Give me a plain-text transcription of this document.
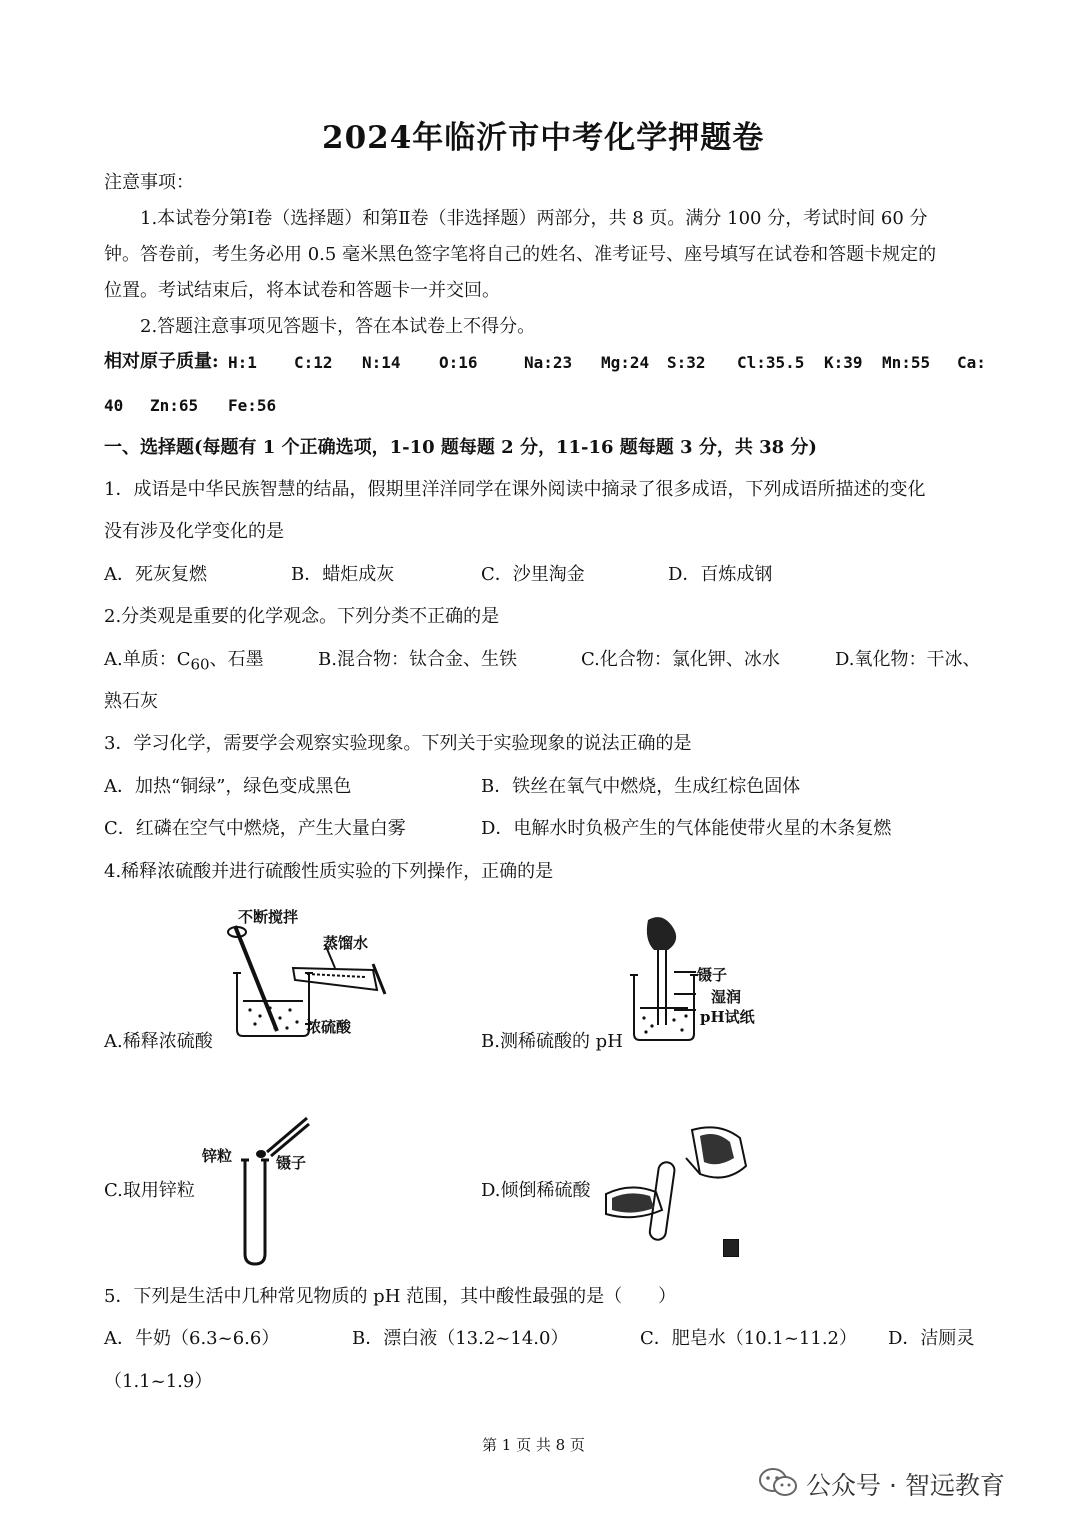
2024年临沂市中考化学押题卷
注意事项：
1.本试卷分第Ⅰ卷（选择题）和第Ⅱ卷（非选择题）两部分，共 8 页。满分 100 分，考试时间 60 分
钟。答卷前，考生务必用 0.5 毫米黑色签字笔将自己的姓名、准考证号、座号填写在试卷和答题卡规定的
位置。考试结束后，将本试卷和答题卡一并交回。
2.答题注意事项见答题卡，答在本试卷上不得分。
相对原子质量: H:1 C:12 N:14 O:16	Na:23 Mg:24 S:32 Cl:35.5 K:39 Mn:55 Ca:
40 Zn:65 Fe:56
一、选择题(每题有 1 个正确选项，1-10 题每题 2 分，11-16 题每题 3 分，共 38 分)
1．成语是中华民族智慧的结晶，假期里洋洋同学在课外阅读中摘录了很多成语，下列成语所描述的变化
没有涉及化学变化的是
A．死灰复燃	B．蜡炬成灰	C．沙里淘金	D．百炼成钢
2.分类观是重要的化学观念。下列分类不正确的是
A.单质：$C_{60}$、石墨	B.混合物：钛合金、生铁	C.化合物：氯化钾、冰水	D.氧化物：干冰、
熟石灰
3．学习化学，需要学会观察实验现象。下列关于实验现象的说法正确的是
A．加热“铜绿”，绿色变成黑色	B．铁丝在氧气中燃烧，生成红棕色固体
C．红磷在空气中燃烧，产生大量白雾	D．电解水时负极产生的气体能使带火星的木条复燃
4.稀释浓硫酸并进行硫酸性质实验的下列操作，正确的是
不断搅拌
蒸馏水
浓硫酸
A.稀释浓硫酸
镊子
湿润
pH试纸
B.测稀硫酸的 pH
锌粒	镊子
C.取用锌粒	D.倾倒稀硫酸
5．下列是生活中几种常见物质的 pH 范围，其中酸性最强的是（　　）
A．牛奶（6.3~6.6）	B．漂白液（13.2~14.0）	C．肥皂水（10.1~11.2） D．洁厕灵
（1.1~1.9）
第 1 页 共 8 页
公众号 · 智远教育
